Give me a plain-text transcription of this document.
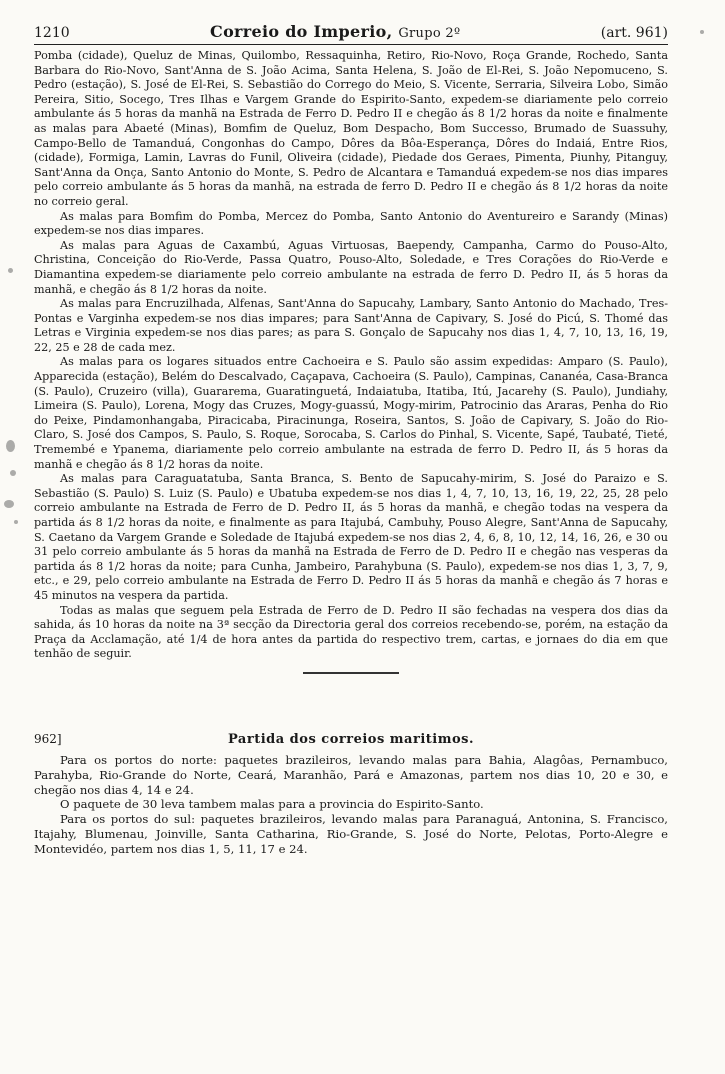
1210	Correio do Imperio, Grupo 2º	(art. 961)

Pomba (cidade), Queluz de Minas, Quilombo, Ressaquinha, Retiro, Rio-Novo, Roça Grande, Rochedo, Santa Barbara do Rio-Novo, Sant'Anna de S. João Acima, Santa Helena, S. João de El-Rei, S. João Nepomuceno, S. Pedro (estação), S. José de El-Rei, S. Sebastião do Corrego do Meio, S. Vicente, Serraria, Silveira Lobo, Simão Pereira, Sitio, Socego, Tres Ilhas e Vargem Grande do Espirito-Santo, expedem-se diariamente pelo correio ambulante ás 5 horas da manhã na Estrada de Ferro D. Pedro II e chegão ás 8 1/2 horas da noite e finalmente as malas para Abaeté (Minas), Bomfim de Queluz, Bom Despacho, Bom Successo, Brumado de Suassuhy, Campo-Bello de Tamanduá, Congonhas do Campo, Dôres da Bôa-Esperança, Dôres do Indaiá, Entre Rios, (cidade), Formiga, Lamin, Lavras do Funil, Oliveira (cidade), Piedade dos Geraes, Pimenta, Piunhy, Pitanguy, Sant'Anna da Onça, Santo Antonio do Monte, S. Pedro de Alcantara e Tamanduá expedem-se nos dias impares pelo correio ambulante ás 5 horas da manhã, na estrada de ferro D. Pedro II e chegão ás 8 1/2 horas da noite no correio geral.

As malas para Bomfim do Pomba, Mercez do Pomba, Santo Antonio do Aventureiro e Sarandy (Minas) expedem-se nos dias impares.

As malas para Aguas de Caxambú, Aguas Virtuosas, Baependy, Campanha, Carmo do Pouso-Alto, Christina, Conceição do Rio-Verde, Passa Quatro, Pouso-Alto, Soledade, e Tres Corações do Rio-Verde e Diamantina expedem-se diariamente pelo correio ambulante na estrada de ferro D. Pedro II, ás 5 horas da manhã, e chegão ás 8 1/2 horas da noite.

As malas para Encruzilhada, Alfenas, Sant'Anna do Sapucahy, Lambary, Santo Antonio do Machado, Tres-Pontas e Varginha expedem-se nos dias impares; para Sant'Anna de Capivary, S. José do Picú, S. Thomé das Letras e Virginia expedem-se nos dias pares; as para S. Gonçalo de Sapucahy nos dias 1, 4, 7, 10, 13, 16, 19, 22, 25 e 28 de cada mez.

As malas para os logares situados entre Cachoeira e S. Paulo são assim expedidas: Amparo (S. Paulo), Apparecida (estação), Belém do Descalvado, Caçapava, Cachoeira (S. Paulo), Campinas, Cananéa, Casa-Branca (S. Paulo), Cruzeiro (villa), Guararema, Guaratinguetá, Indaiatuba, Itatiba, Itú, Jacarehy (S. Paulo), Jundiahy, Limeira (S. Paulo), Lorena, Mogy das Cruzes, Mogy-guassú, Mogy-mirim, Patrocinio das Araras, Penha do Rio do Peixe, Pindamonhangaba, Piracicaba, Piracinunga, Roseira, Santos, S. João de Capivary, S. João do Rio-Claro, S. José dos Campos, S. Paulo, S. Roque, Sorocaba, S. Carlos do Pinhal, S. Vicente, Sapé, Taubaté, Tieté, Tremembé e Ypanema, diariamente pelo correio ambulante na estrada de ferro D. Pedro II, ás 5 horas da manhã e chegão ás 8 1/2 horas da noite.

As malas para Caraguatatuba, Santa Branca, S. Bento de Sapucahy-mirim, S. José do Paraizo e S. Sebastião (S. Paulo) S. Luiz (S. Paulo) e Ubatuba expedem-se nos dias 1, 4, 7, 10, 13, 16, 19, 22, 25, 28 pelo correio ambulante na Estrada de Ferro de D. Pedro II, ás 5 horas da manhã, e chegão todas na vespera da partida ás 8 1/2 horas da noite, e finalmente as para Itajubá, Cambuhy, Pouso Alegre, Sant'Anna de Sapucahy, S. Caetano da Vargem Grande e Soledade de Itajubá expedem-se nos dias 2, 4, 6, 8, 10, 12, 14, 16, 26, e 30 ou 31 pelo correio ambulante ás 5 horas da manhã na Estrada de Ferro de D. Pedro II e chegão nas vesperas da partida ás 8 1/2 horas da noite; para Cunha, Jambeiro, Parahybuna (S. Paulo), expedem-se nos dias 1, 3, 7, 9, etc., e 29, pelo correio ambulante na Estrada de Ferro D. Pedro II ás 5 horas da manhã e chegão ás 7 horas e 45 minutos na vespera da partida.

Todas as malas que seguem pela Estrada de Ferro de D. Pedro II são fechadas na vespera dos dias da sahida, ás 10 horas da noite na 3ª secção da Directoria geral dos correios recebendo-se, porém, na estação da Praça da Acclamação, até 1/4 de hora antes da partida do respectivo trem, cartas, e jornaes do dia em que tenhão de seguir.

962]	Partida dos correios maritimos.

Para os portos do norte: paquetes brazileiros, levando malas para Bahia, Alagôas, Pernambuco, Parahyba, Rio-Grande do Norte, Ceará, Maranhão, Pará e Amazonas, partem nos dias 10, 20 e 30, e chegão nos dias 4, 14 e 24.

O paquete de 30 leva tambem malas para a provincia do Espirito-Santo.

Para os portos do sul: paquetes brazileiros, levando malas para Paranaguá, Antonina, S. Francisco, Itajahy, Blumenau, Joinville, Santa Catharina, Rio-Grande, S. José do Norte, Pelotas, Porto-Alegre e Montevidéo, partem nos dias 1, 5, 11, 17 e 24.
